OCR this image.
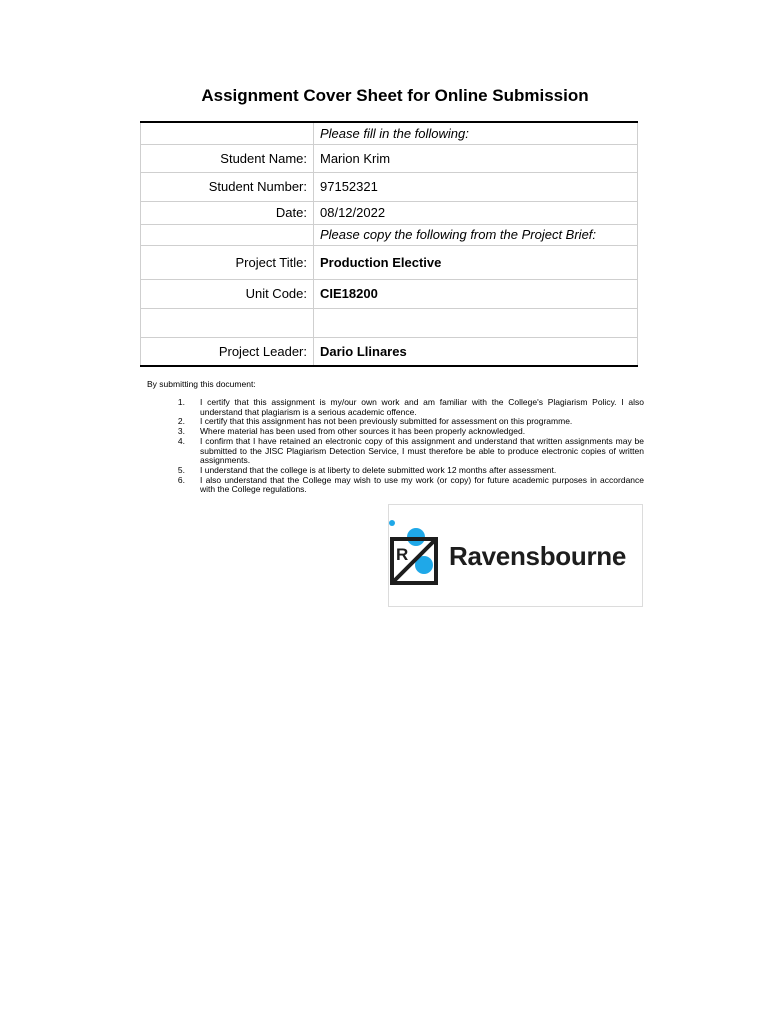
Assignment Cover Sheet for Online Submission
	Please fill in the following:
Student Name:	Marion Krim
Student Number:	97152321
Date:	08/12/2022
	Please copy the following from the Project Brief:
Project Title:	Production Elective
Unit Code:	CIE18200

Project Leader:	Dario Llinares

By submitting this document:

1. I certify that this assignment is my/our own work and am familiar with the College's Plagiarism Policy. I also understand that plagiarism is a serious academic offence.
2. I certify that this assignment has not been previously submitted for assessment on this programme.
3. Where material has been used from other sources it has been properly acknowledged.
4. I confirm that I have retained an electronic copy of this assignment and understand that written assignments may be submitted to the JISC Plagiarism Detection Service, I must therefore be able to produce electronic copies of written assignments.
5. I understand that the college is at liberty to delete submitted work 12 months after assessment.
6. I also understand that the College may wish to use my work (or copy) for future academic purposes in accordance with the College regulations.
R Ravensbourne
